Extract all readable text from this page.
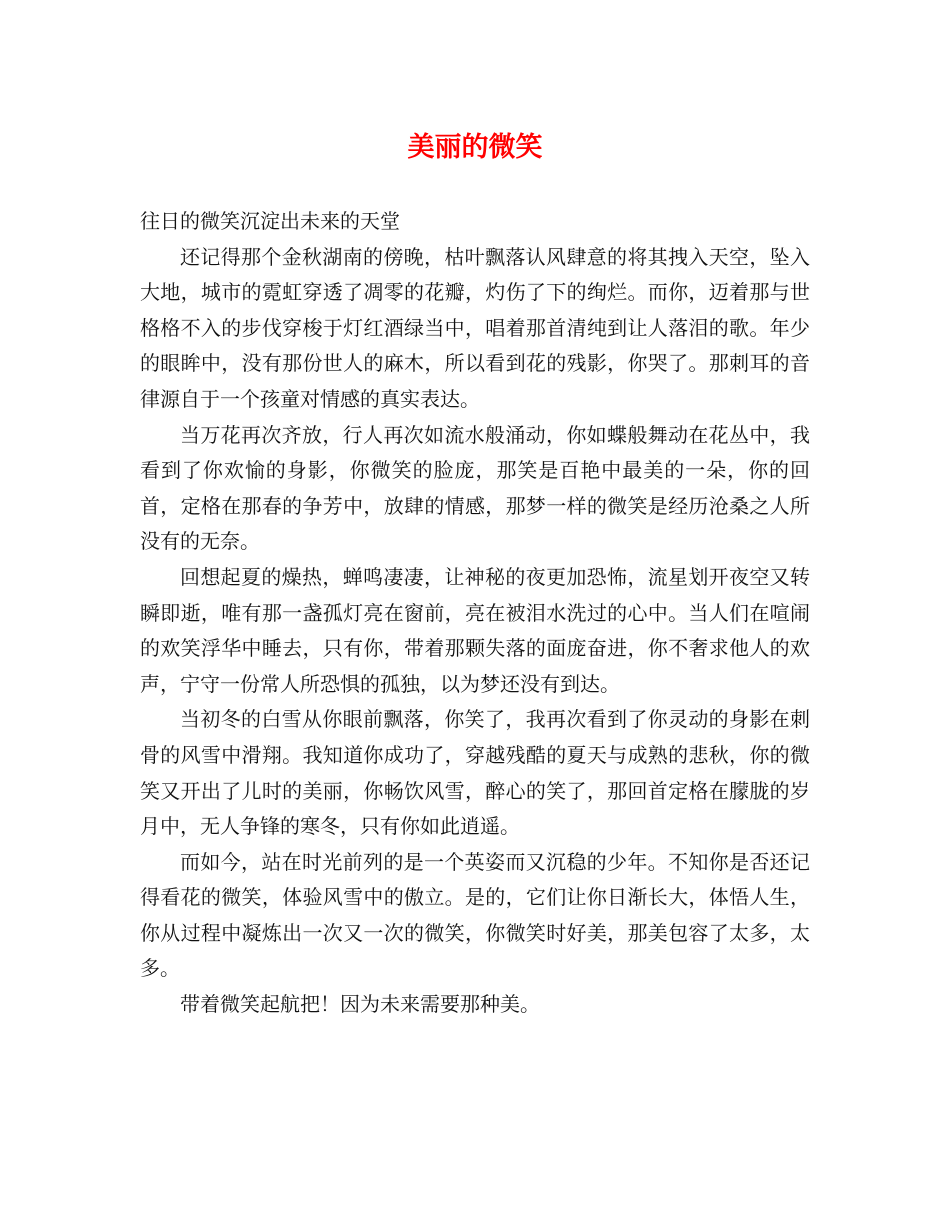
美丽的微笑

往日的微笑沉淀出未来的天堂

还记得那个金秋湖南的傍晚，枯叶飘落认风肆意的将其拽入天空，坠入大地，城市的霓虹穿透了凋零的花瓣，灼伤了下的绚烂。而你，迈着那与世格格不入的步伐穿梭于灯红酒绿当中，唱着那首清纯到让人落泪的歌。年少的眼眸中，没有那份世人的麻木，所以看到花的残影，你哭了。那刺耳的音律源自于一个孩童对情感的真实表达。

当万花再次齐放，行人再次如流水般涌动，你如蝶般舞动在花丛中，我看到了你欢愉的身影，你微笑的脸庞，那笑是百艳中最美的一朵，你的回首，定格在那春的争芳中，放肆的情感，那梦一样的微笑是经历沧桑之人所没有的无奈。

回想起夏的燥热，蝉鸣凄凄，让神秘的夜更加恐怖，流星划开夜空又转瞬即逝，唯有那一盏孤灯亮在窗前，亮在被泪水洗过的心中。当人们在喧闹的欢笑浮华中睡去，只有你，带着那颗失落的面庞奋进，你不奢求他人的欢声，宁守一份常人所恐惧的孤独，以为梦还没有到达。

当初冬的白雪从你眼前飘落，你笑了，我再次看到了你灵动的身影在刺骨的风雪中滑翔。我知道你成功了，穿越残酷的夏天与成熟的悲秋，你的微笑又开出了儿时的美丽，你畅饮风雪，醉心的笑了，那回首定格在朦胧的岁月中，无人争锋的寒冬，只有你如此逍遥。

而如今，站在时光前列的是一个英姿而又沉稳的少年。不知你是否还记得看花的微笑，体验风雪中的傲立。是的，它们让你日渐长大，体悟人生，你从过程中凝炼出一次又一次的微笑，你微笑时好美，那美包容了太多，太多。

带着微笑起航把！因为未来需要那种美。
